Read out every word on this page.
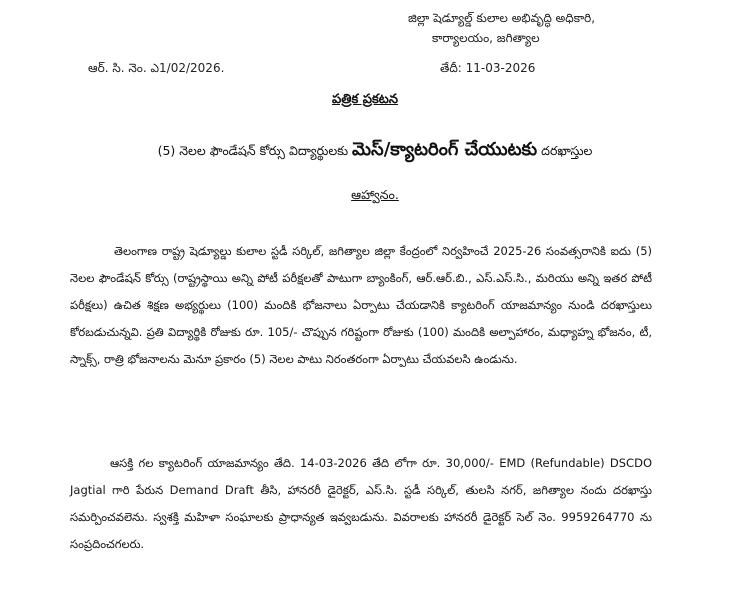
జిల్లా షెడ్యూల్డ్ కులాల అభివృద్ధి అధికారి,
కార్యాలయం, జగిత్యాల
ఆర్. సి. నెం. ఎ1/02/2026.	తేదీ: 11-03-2026
పత్రిక ప్రకటన
(5) నెలల ఫౌండేషన్ కోర్సు విద్యార్థులకు మెస్/క్యాటరింగ్ చేయుటకు దరఖాస్తుల
ఆహ్వానం.
తెలంగాణ రాష్ట్ర షెడ్యూల్డు కులాల స్టడీ సర్కిల్, జగిత్యాల జిల్లా కేంద్రంలో నిర్వహించే 2025-26 సంవత్సరానికి ఐదు (5) నెలల ఫౌండేషన్ కోర్సు (రాష్ట్రస్థాయి అన్ని పోటీ పరీక్షలతో పాటుగా బ్యాంకింగ్, ఆర్.ఆర్.బి., ఎస్.ఎస్.సి., మరియు అన్ని ఇతర పోటీ పరీక్షలు) ఉచిత శిక్షణ అభ్యర్థులు (100) మందికి భోజనాలు ఏర్పాటు చేయడానికి క్యాటరింగ్ యాజమాన్యం నుండి దరఖాస్తులు కోరబడుచున్నవి. ప్రతి విద్యార్థికి రోజుకు రూ. 105/- చొప్పున గరిష్టంగా రోజుకు (100) మందికి అల్పాహారం, మధ్యాహ్న భోజనం, టీ, స్నాక్స్, రాత్రి భోజనాలను మెనూ ప్రకారం (5) నెలల పాటు నిరంతరంగా ఏర్పాటు చేయవలసి ఉండును.
ఆసక్తి గల క్యాటరింగ్ యాజమాన్యం తేది. 14-03-2026 తేది లోగా రూ. 30,000/- EMD (Refundable) DSCDO Jagtial గారి పేరున Demand Draft తీసి, హానరరీ డైరెక్టర్, ఎస్.సి. స్టడీ సర్కిల్, తులసి నగర్, జగిత్యాల నందు దరఖాస్తు సమర్పించవలెను. స్వశక్తి మహిళా సంఘాలకు ప్రాధాన్యత ఇవ్వబడును. వివరాలకు హానరరీ డైరెక్టర్ సెల్ నెం. 9959264770 ను సంప్రదించగలరు.
